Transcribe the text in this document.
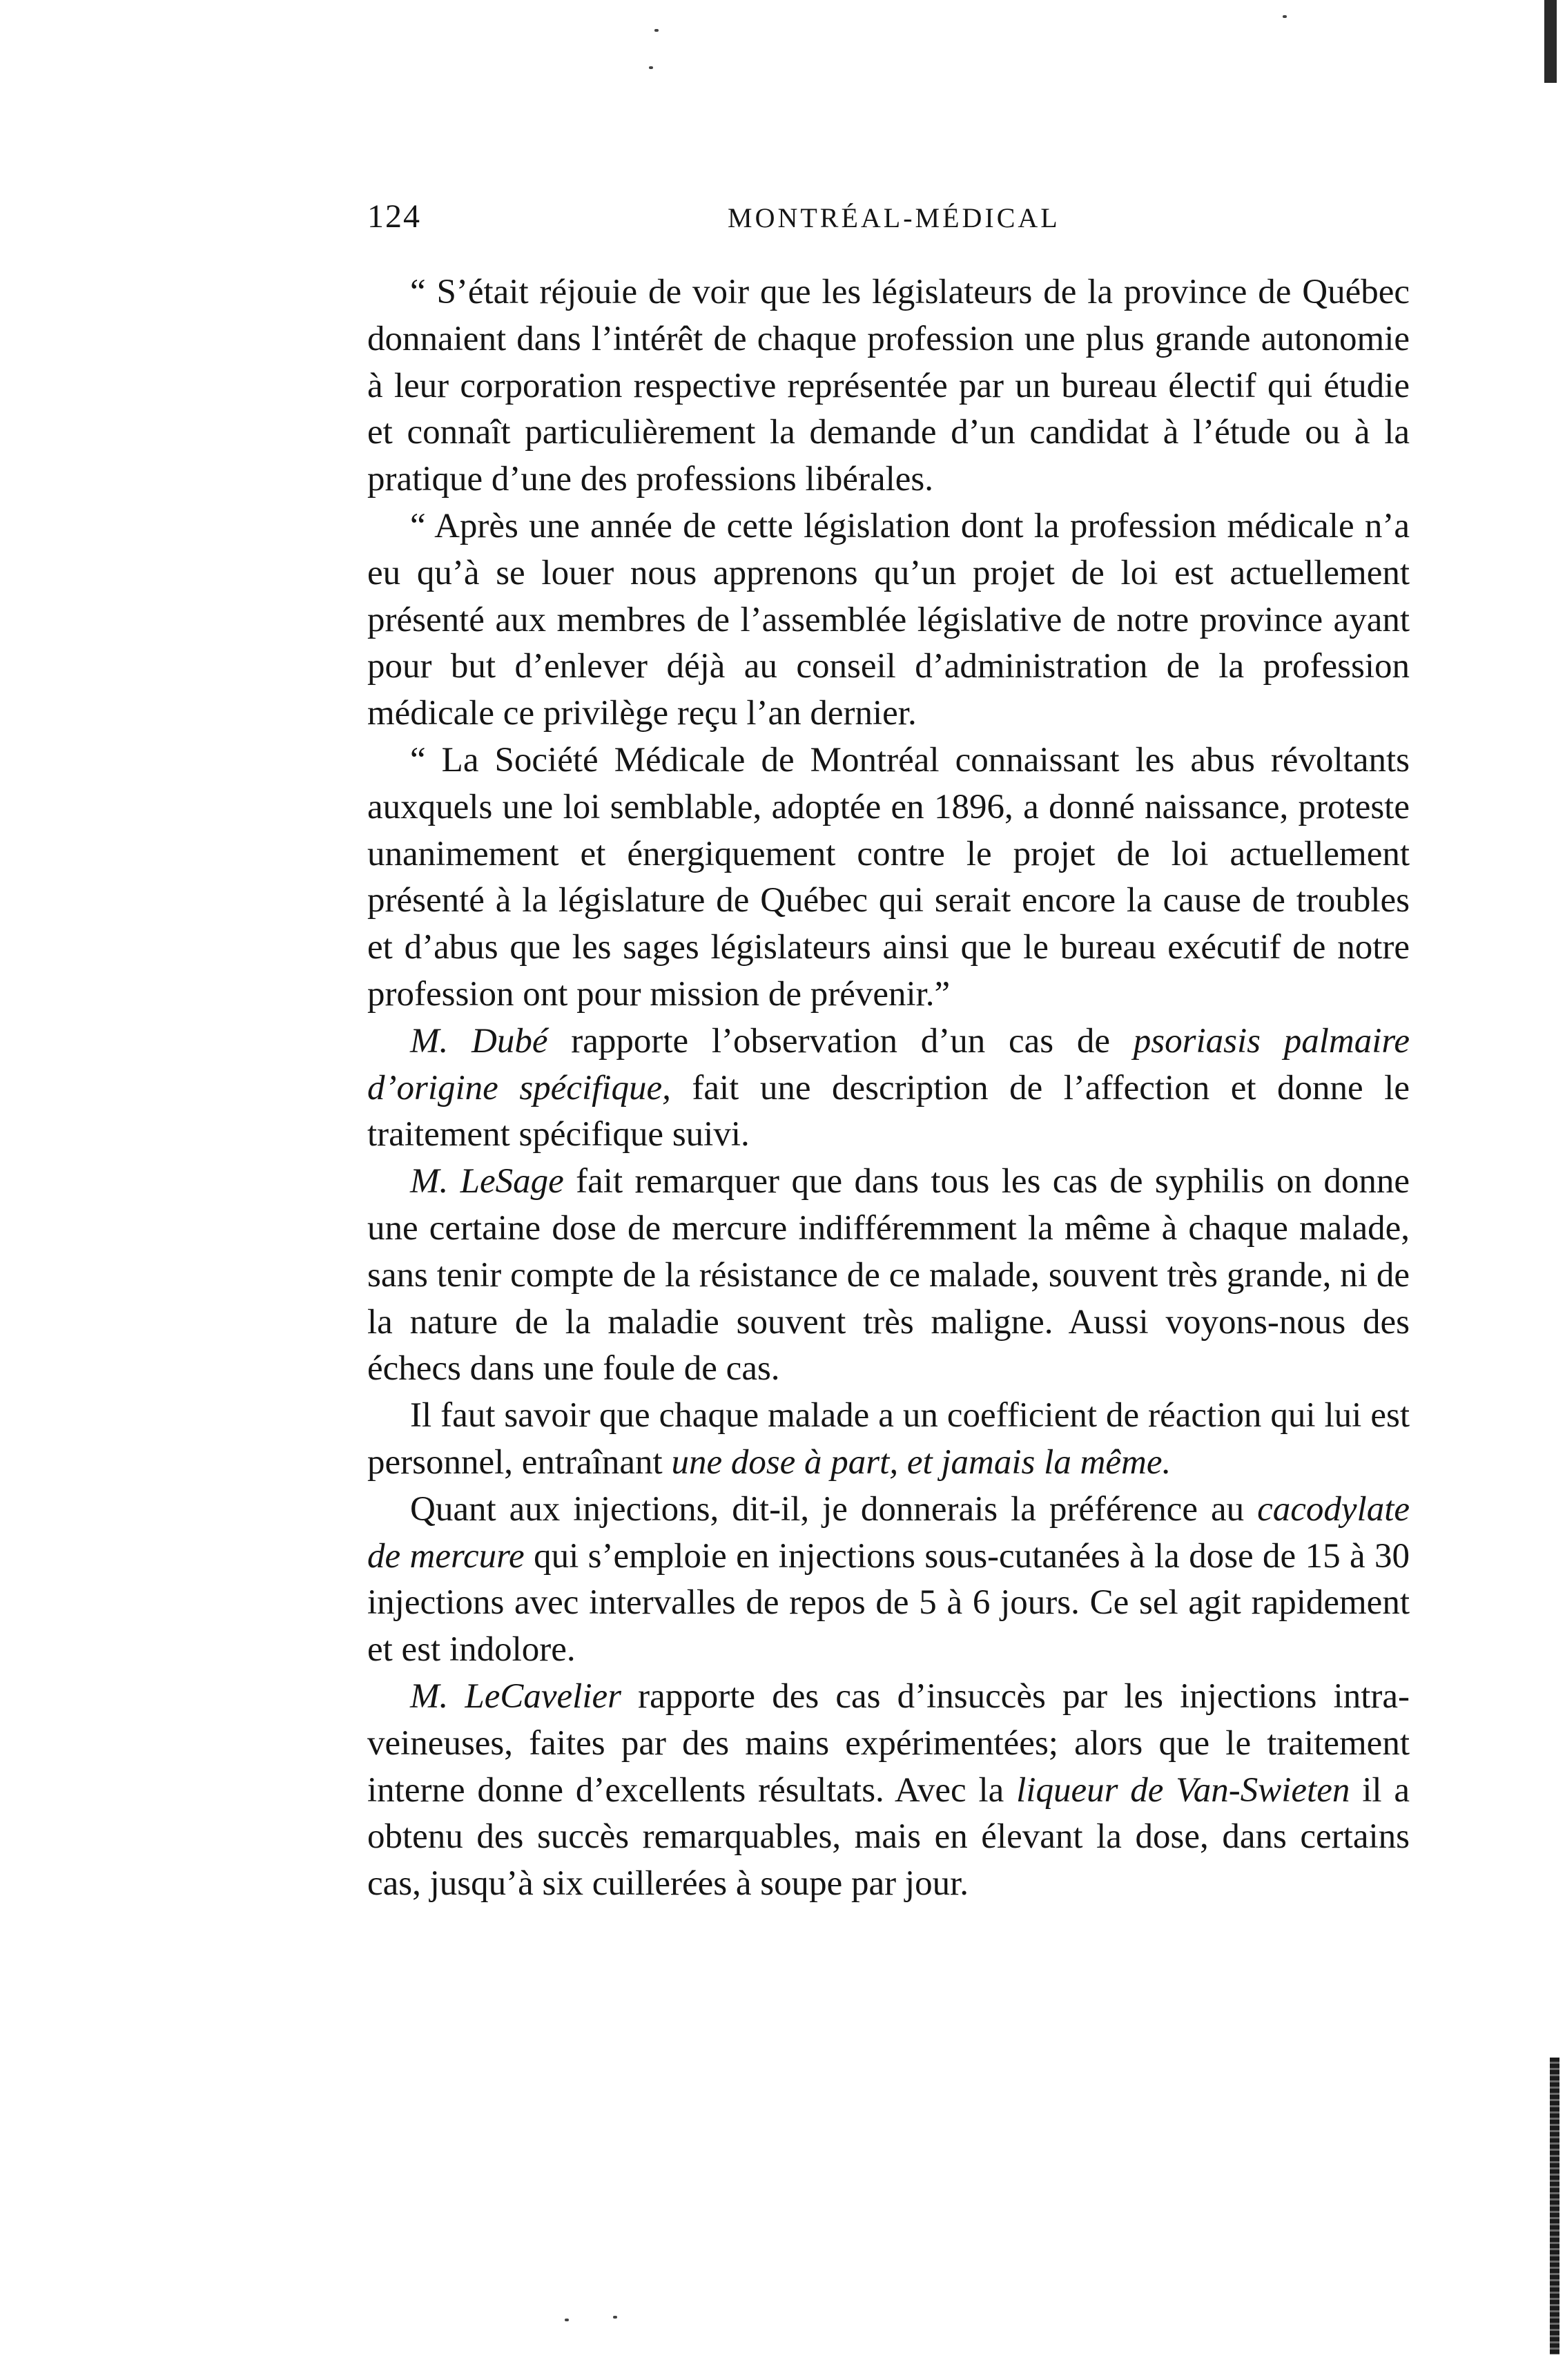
124	MONTRÉAL-MÉDICAL

“ S’était réjouie de voir que les législateurs de la province de Québec donnaient dans l’intérêt de chaque profession une plus grande autonomie à leur corporation respective représentée par un bureau électif qui étudie et connaît particulièrement la demande d’un candidat à l’étude ou à la pratique d’une des professions libérales.

“ Après une année de cette législation dont la profession médicale n’a eu qu’à se louer nous apprenons qu’un projet de loi est actuellement présenté aux membres de l’assemblée législative de notre province ayant pour but d’enlever déjà au conseil d’administration de la profession médicale ce privilège reçu l’an dernier.

“ La Société Médicale de Montréal connaissant les abus révoltants auxquels une loi semblable, adoptée en 1896, a donné naissance, proteste unanimement et énergiquement contre le projet de loi actuellement présenté à la législature de Québec qui serait encore la cause de troubles et d’abus que les sages législateurs ainsi que le bureau exécutif de notre profession ont pour mission de prévenir.”

M. Dubé rapporte l’observation d’un cas de psoriasis palmaire d’origine spécifique, fait une description de l’affection et donne le traitement spécifique suivi.

M. LeSage fait remarquer que dans tous les cas de syphilis on donne une certaine dose de mercure indifféremment la même à chaque malade, sans tenir compte de la résistance de ce malade, souvent très grande, ni de la nature de la maladie souvent très maligne. Aussi voyons-nous des échecs dans une foule de cas.

Il faut savoir que chaque malade a un coefficient de réaction qui lui est personnel, entraînant une dose à part, et jamais la même.

Quant aux injections, dit-il, je donnerais la préférence au cacodylate de mercure qui s’emploie en injections sous-cutanées à la dose de 15 à 30 injections avec intervalles de repos de 5 à 6 jours. Ce sel agit rapidement et est indolore.

M. LeCavelier rapporte des cas d’insuccès par les injections intra-veineuses, faites par des mains expérimentées; alors que le traitement interne donne d’excellents résultats. Avec la liqueur de Van-Swieten il a obtenu des succès remarquables, mais en élevant la dose, dans certains cas, jusqu’à six cuillerées à soupe par jour.
